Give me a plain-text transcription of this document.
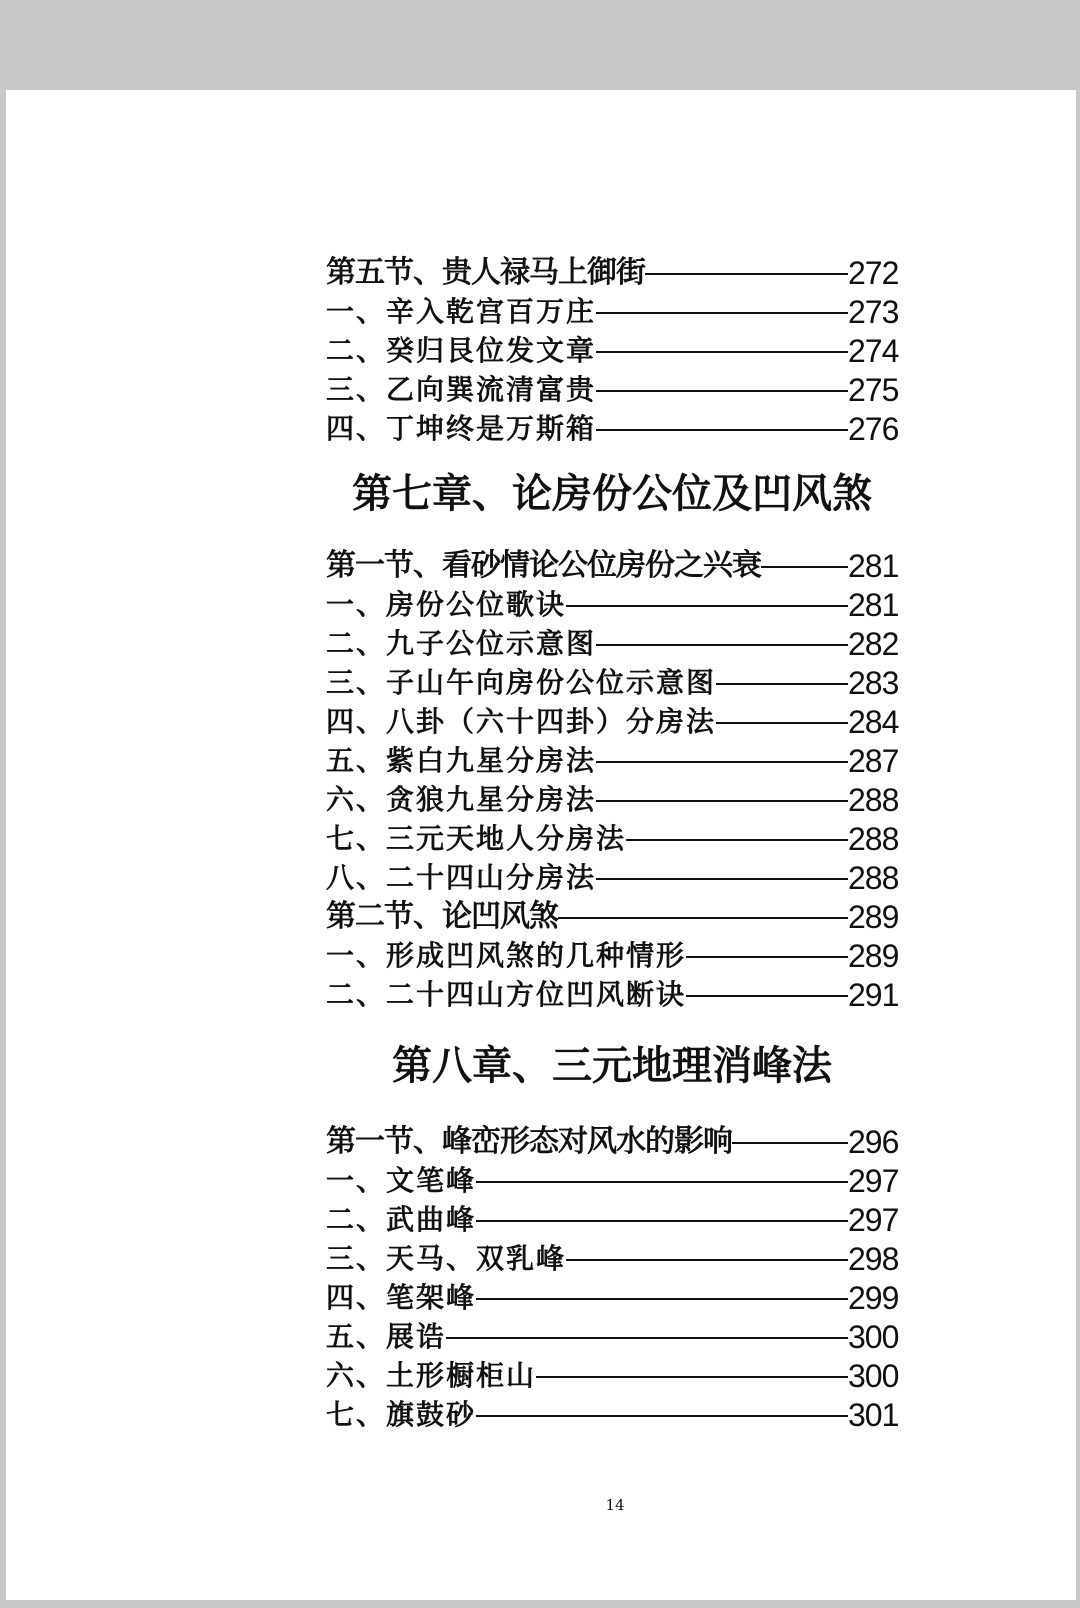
第五节、贵人禄马上御街	272
一、辛入乾宫百万庄	273
二、癸归艮位发文章	274
三、乙向巽流清富贵	275
四、丁坤终是万斯箱	276
第七章、论房份公位及凹风煞
第一节、看砂情论公位房份之兴衰	281
一、房份公位歌诀	281
二、九子公位示意图	282
三、子山午向房份公位示意图	283
四、八卦（六十四卦）分房法	284
五、紫白九星分房法	287
六、贪狼九星分房法	288
七、三元天地人分房法	288
八、二十四山分房法	288
第二节、论凹风煞	289
一、形成凹风煞的几种情形	289
二、二十四山方位凹风断诀	291
第八章、三元地理消峰法
第一节、峰峦形态对风水的影响	296
一、文笔峰	297
二、武曲峰	297
三、天马、双乳峰	298
四、笔架峰	299
五、展诰	300
六、土形橱柜山	300
七、旗鼓砂	301
14
